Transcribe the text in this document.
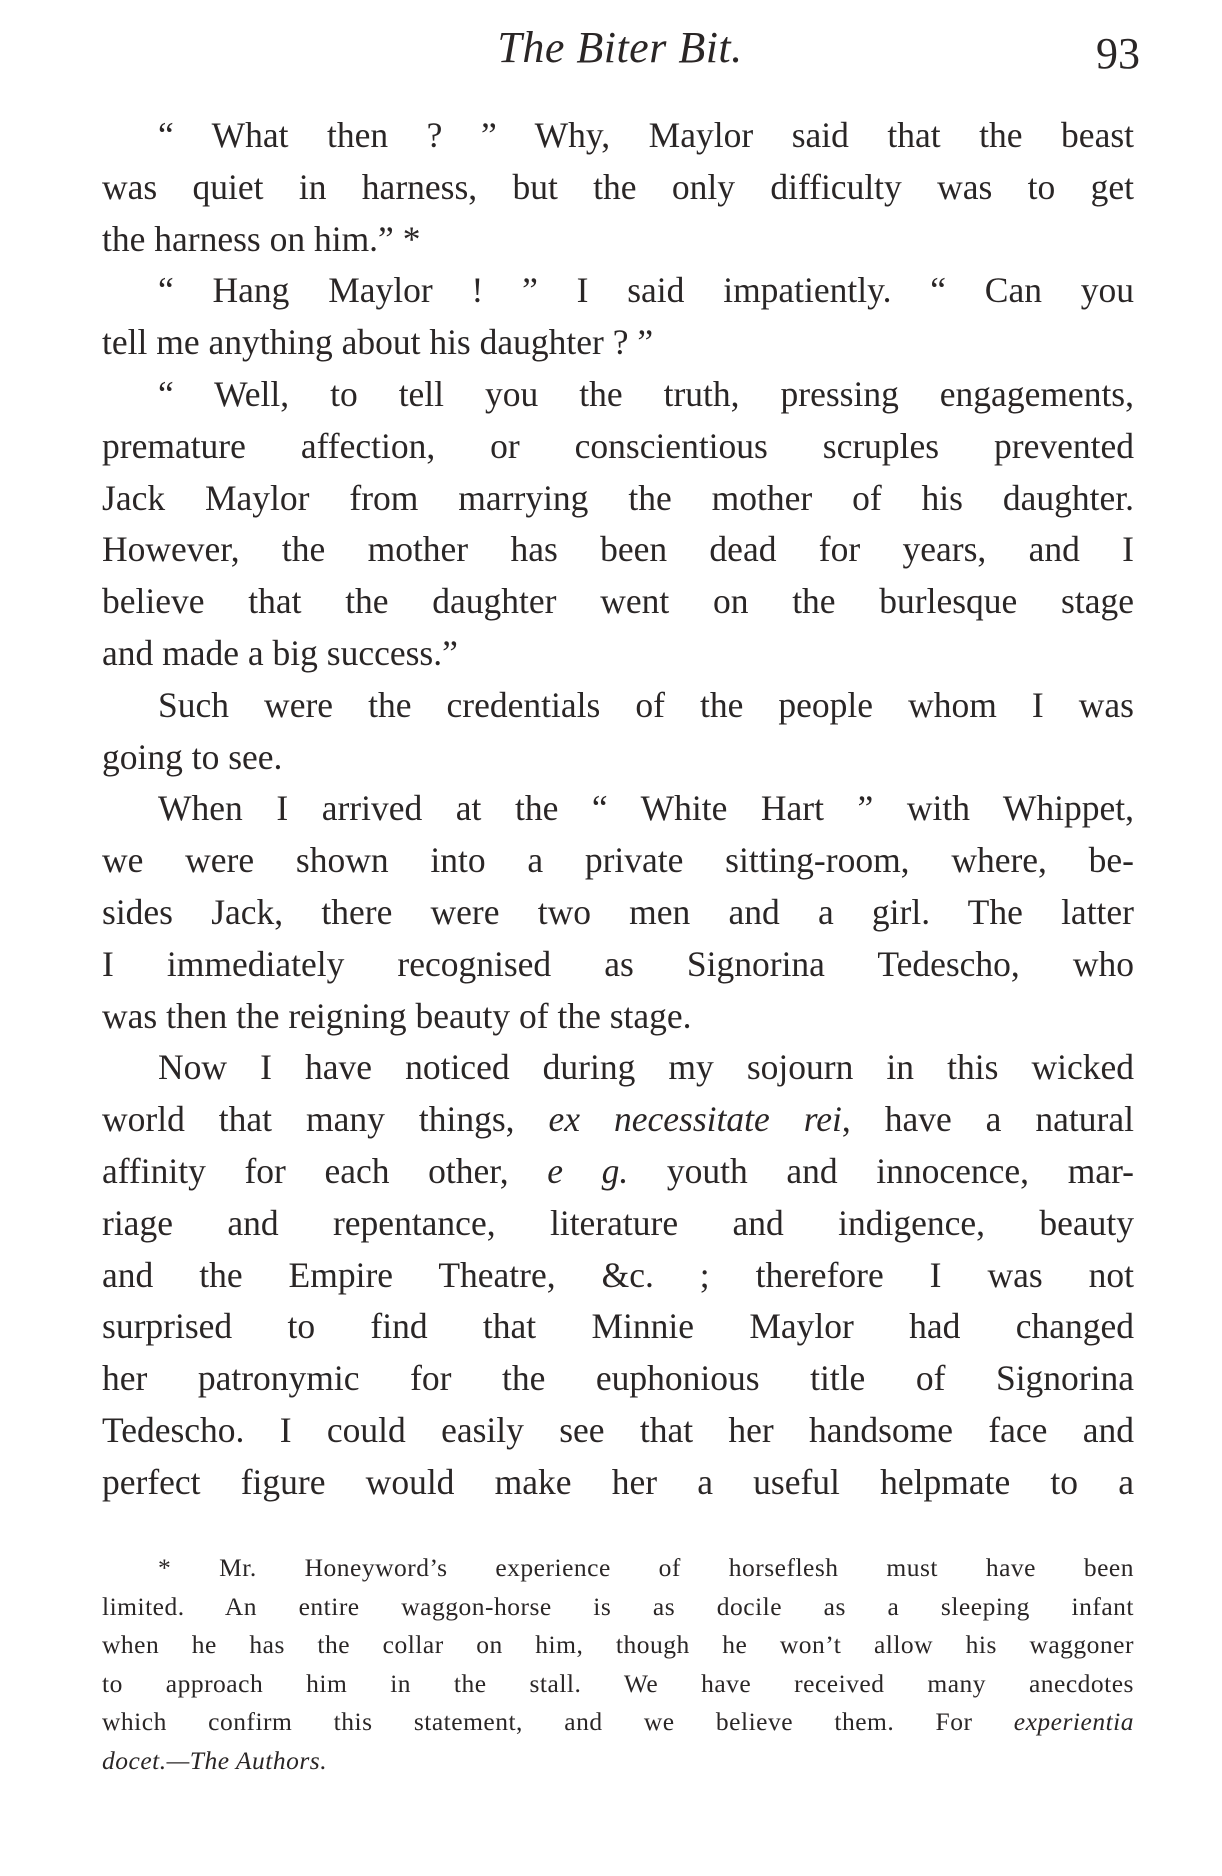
The Biter Bit.	93
“ What then ? ” Why, Maylor said that the beast
was quiet in harness, but the only difficulty was to get
the harness on him.” *
“ Hang Maylor ! ” I said impatiently. “ Can you
tell me anything about his daughter ? ”
“ Well, to tell you the truth, pressing engagements,
premature affection, or conscientious scruples prevented
Jack Maylor from marrying the mother of his daughter.
However, the mother has been dead for years, and I
believe that the daughter went on the burlesque stage
and made a big success.”
Such were the credentials of the people whom I was
going to see.
When I arrived at the “ White Hart ” with Whippet,
we were shown into a private sitting-room, where, be-
sides Jack, there were two men and a girl. The latter
I immediately recognised as Signorina Tedescho, who
was then the reigning beauty of the stage.
Now I have noticed during my sojourn in this wicked
world that many things, ex necessitate rei, have a natural
affinity for each other, e g. youth and innocence, mar-
riage and repentance, literature and indigence, beauty
and the Empire Theatre, &c. ; therefore I was not
surprised to find that Minnie Maylor had changed
her patronymic for the euphonious title of Signorina
Tedescho. I could easily see that her handsome face and
perfect figure would make her a useful helpmate to a
* Mr. Honeyword’s experience of horseflesh must have been
limited. An entire waggon-horse is as docile as a sleeping infant
when he has the collar on him, though he won’t allow his waggoner
to approach him in the stall. We have received many anecdotes
which confirm this statement, and we believe them. For experientia
docet.—The Authors.
